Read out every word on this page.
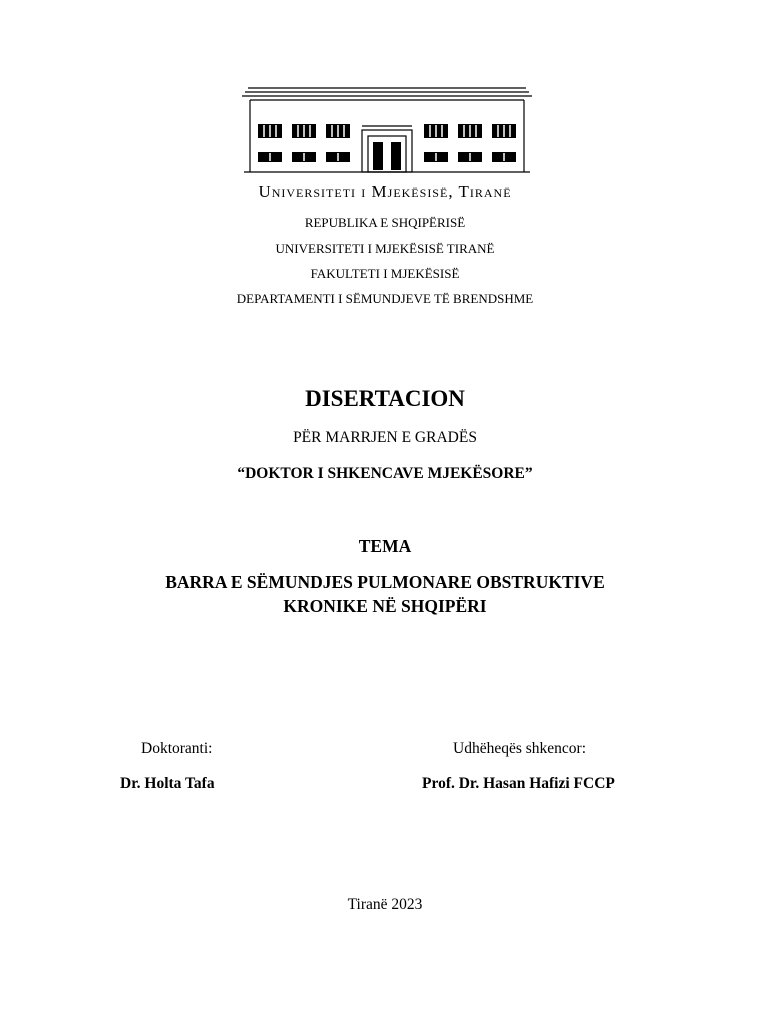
Universiteti i Mjekësisë, Tiranë
REPUBLIKA E SHQIPËRISË
UNIVERSITETI I MJEKËSISË TIRANË
FAKULTETI I MJEKËSISË
DEPARTAMENTI I SËMUNDJEVE TË BRENDSHME
DISERTACION
PËR MARRJEN E GRADËS
“DOKTOR I SHKENCAVE MJEKËSORE”
TEMA
BARRA E SËMUNDJES PULMONARE OBSTRUKTIVE
KRONIKE NË SHQIPËRI
Doktoranti:
Dr. Holta Tafa
Udhëheqës shkencor:
Prof. Dr. Hasan Hafizi FCCP
Tiranë 2023
